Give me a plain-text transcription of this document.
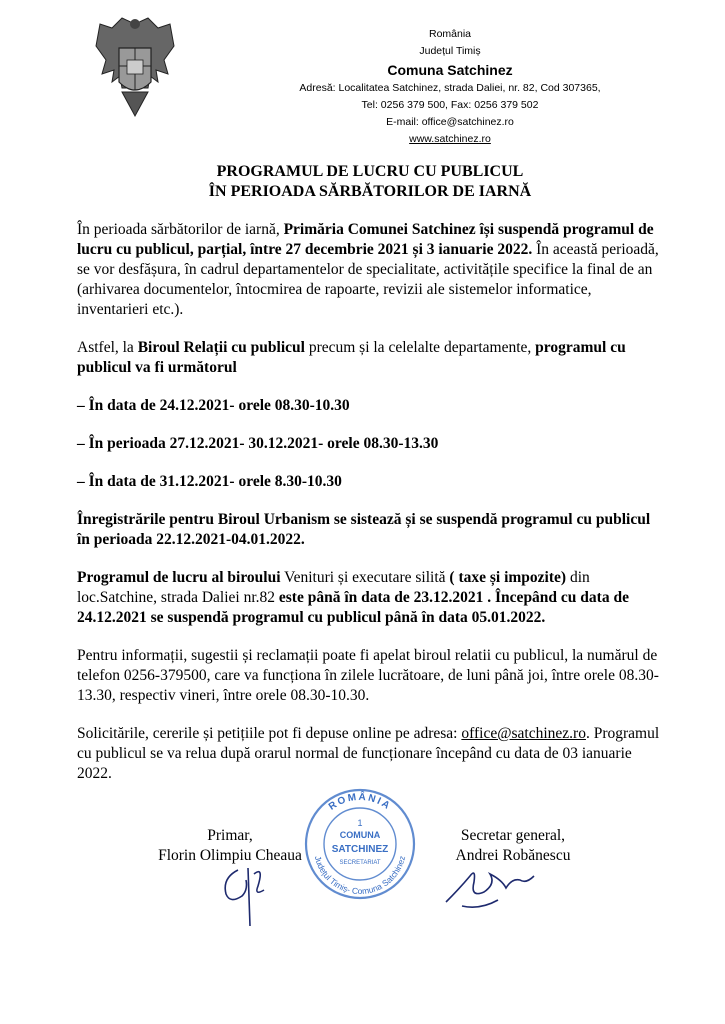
România
Județul Timiș
Comuna Satchinez
Adresă: Localitatea Satchinez, strada Daliei, nr. 82, Cod 307365,
Tel: 0256 379 500, Fax: 0256 379 502
E-mail: office@satchinez.ro
www.satchinez.ro
PROGRAMUL DE LUCRU CU PUBLICUL
ÎN PERIOADA SĂRBĂTORILOR DE IARNĂ

În perioada sărbătorilor de iarnă, Primăria Comunei Satchinez își suspendă programul de lucru cu publicul, parțial, între 27 decembrie 2021 și 3 ianuarie 2022. În această perioadă, se vor desfășura, în cadrul departamentelor de specialitate, activitățile specifice la final de an (arhivarea documentelor, întocmirea de rapoarte, revizii ale sistemelor informatice, inventarieri etc.).

Astfel, la Biroul Relații cu publicul precum și la celelalte departamente, programul cu publicul va fi următorul

– În data de 24.12.2021- orele 08.30-10.30

– În perioada 27.12.2021- 30.12.2021- orele 08.30-13.30

– În data de 31.12.2021- orele 8.30-10.30

Înregistrările pentru Biroul Urbanism se sistează și se suspendă programul cu publicul în perioada 22.12.2021-04.01.2022.

Programul de lucru al biroului Venituri și executare silită ( taxe și impozite) din loc.Satchine, strada Daliei nr.82 este până în data de 23.12.2021 . Începând cu data de 24.12.2021 se suspendă programul cu publicul până în data 05.01.2022.

Pentru informații, sugestii și reclamații poate fi apelat biroul relatii cu publicul, la numărul de telefon 0256-379500, care va funcționa în zilele lucrătoare, de luni până joi, între orele 08.30-13.30, respectiv vineri, între orele 08.30-10.30.

Solicitările, cererile și petițiile pot fi depuse online pe adresa: office@satchinez.ro. Programul cu publicul se va relua după orarul normal de funcționare începând cu data de 03 ianuarie 2022.

ROMÂNIA
Județul Timiș- Comuna Satchinez
1
COMUNA
SATCHINEZ
SECRETARIAT
Primar,
Florin Olimpiu Cheaua
Secretar general,
Andrei Robănescu
